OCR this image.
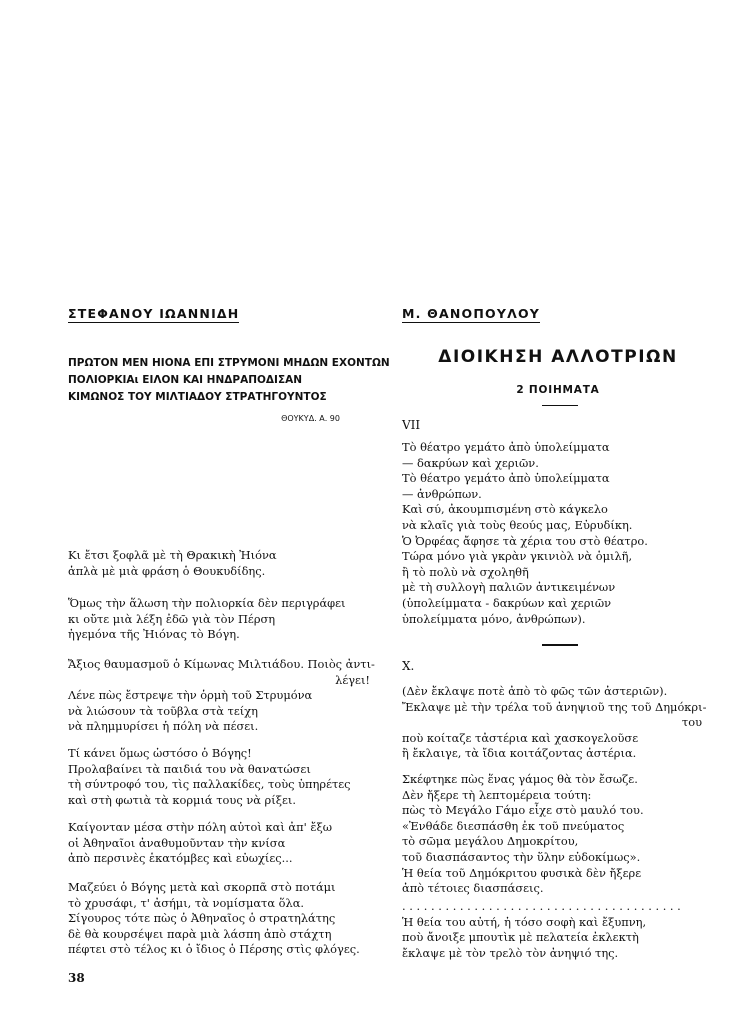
ΣΤΕΦΑΝΟΥ ΙΩΑΝΝΙΔΗ
ΠΡΩΤΟΝ ΜΕΝ ΗΙΟΝΑ ΕΠΙ ΣΤΡΥΜΟΝΙ ΜΗΔΩΝ ΕΧΟΝΤΩΝ
ΠΟΛΙΟΡΚΙΑι ΕΙΛΟΝ ΚΑΙ ΗΝΔΡΑΠΟΔΙΣΑΝ
ΚΙΜΩΝΟΣ ΤΟΥ ΜΙΛΤΙΑΔΟΥ ΣΤΡΑΤΗΓΟΥΝΤΟΣ
ΘΟΥΚΥΔ. Α. 90
Κι ἔτσι ξοφλᾶ μὲ τὴ Θρακικὴ Ἠιόνα
ἁπλὰ μὲ μιὰ φράση ὁ Θουκυδίδης.
Ὅμως τὴν ἅλωση τὴν πολιορκία δὲν περιγράφει
κι οὔτε μιὰ λέξη ἐδῶ γιὰ τὸν Πέρση
ἡγεμόνα τῆς Ἠιόνας τὸ Βόγη.
Ἄξιος θαυμασμοῦ ὁ Κίμωνας Μιλτιάδου. Ποιὸς ἀντι-
λέγει!
Λένε πὼς ἔστρεψε τὴν ὁρμὴ τοῦ Στρυμόνα
νὰ λιώσουν τὰ τοῦβλα στὰ τείχη
νὰ πλημμυρίσει ἡ πόλη νὰ πέσει.
Τί κάνει ὅμως ὡστόσο ὁ Βόγης!
Προλαβαίνει τὰ παιδιά του νὰ θανατώσει
τὴ σύντροφό του, τὶς παλλακίδες, τοὺς ὑπηρέτες
καὶ στὴ φωτιὰ τὰ κορμιά τους νὰ ρίξει.
Καίγονταν μέσα στὴν πόλη αὐτοὶ καὶ ἀπ' ἔξω
οἱ Ἀθηναῖοι ἀναθυμοῦνταν τὴν κνίσα
ἀπὸ περσινὲς ἑκατόμβες καὶ εὐωχίες...
Μαζεύει ὁ Βόγης μετὰ καὶ σκορπᾶ στὸ ποτάμι
τὸ χρυσάφι, τ' ἀσήμι, τὰ νομίσματα ὅλα.
Σίγουρος τότε πὼς ὁ Ἀθηναῖος ὁ στρατηλάτης
δὲ θὰ κουρσέψει παρὰ μιὰ λάσπη ἀπὸ στάχτη
πέφτει στὸ τέλος κι ὁ ἴδιος ὁ Πέρσης στὶς φλόγες.
Μ. ΘΑΝΟΠΟΥΛΟΥ
ΔΙΟΙΚΗΣΗ ΑΛΛΟΤΡΙΩΝ
2 ΠΟΙΗΜΑΤΑ
VII
Τὸ θέατρο γεμάτο ἀπὸ ὑπολείμματα
— δακρύων καὶ χεριῶν.
Τὸ θέατρο γεμάτο ἀπὸ ὑπολείμματα
— ἀνθρώπων.
Καὶ σύ, ἀκουμπισμένη στὸ κάγκελο
νὰ κλαῖς γιὰ τοὺς θεούς μας, Εὐρυδίκη.
Ὁ Ὀρφέας ἄφησε τὰ χέρια του στὸ θέατρο.
Τώρα μόνο γιὰ γκρὰν γκινιὸλ νὰ ὁμιλῆ,
ἢ τὸ πολὺ νὰ σχοληθῆ
μὲ τὴ συλλογὴ παλιῶν ἀντικειμένων
(ὑπολείμματα - δακρύων καὶ χεριῶν
ὑπολείμματα μόνο, ἀνθρώπων).
X.
(Δὲν ἔκλαψε ποτὲ ἀπὸ τὸ φῶς τῶν ἀστεριῶν).
Ἔκλαψε μὲ τὴν τρέλα τοῦ ἀνηψιοῦ της τοῦ Δημόκρι-
του
ποὺ κοίταζε τἀστέρια καὶ χασκογελοῦσε
ἢ ἔκλαιγε, τὰ ἴδια κοιτάζοντας ἀστέρια.
Σκέφτηκε πὼς ἕνας γάμος θὰ τὸν ἔσωζε.
Δὲν ἤξερε τὴ λεπτομέρεια τούτη:
πὼς τὸ Μεγάλο Γάμο εἶχε στὸ μαυλό του.
«Ἐνθάδε διεσπάσθη ἐκ τοῦ πνεύματος
τὸ σῶμα μεγάλου Δημοκρίτου,
τοῦ διασπάσαντος τὴν ὕλην εὐδοκίμως».
Ἡ θεία τοῦ Δημόκριτου φυσικὰ δὲν ἤξερε
ἀπὸ τέτοιες διασπάσεις.
. . . . . . . . . . . . . . . . . . . . . . . . . . . . . . . . . . . . . . .
Ἡ θεία του αὐτή, ἡ τόσο σοφὴ καὶ ἔξυπνη,
ποὺ ἄνοιξε μπουτὶκ μὲ πελατεία ἐκλεκτὴ
ἔκλαψε μὲ τὸν τρελὸ τὸν ἀνηψιό της.
38
